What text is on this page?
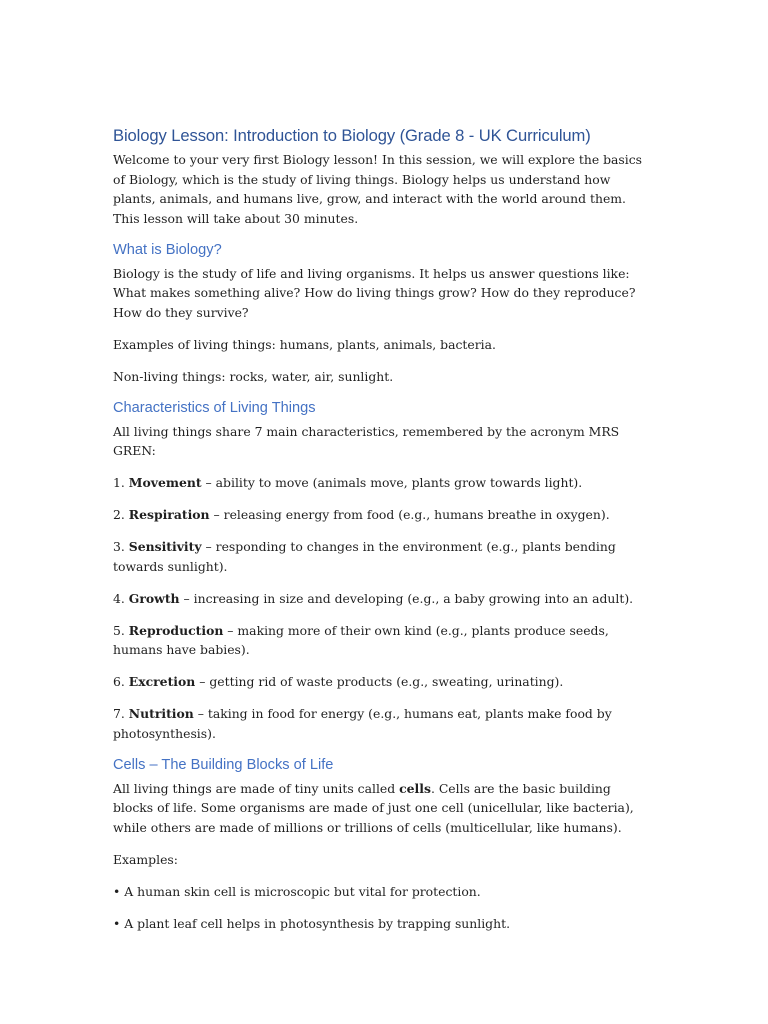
Biology Lesson: Introduction to Biology (Grade 8 - UK Curriculum)

Welcome to your very first Biology lesson! In this session, we will explore the basics of Biology, which is the study of living things. Biology helps us understand how plants, animals, and humans live, grow, and interact with the world around them. This lesson will take about 30 minutes.

What is Biology?

Biology is the study of life and living organisms. It helps us answer questions like: What makes something alive? How do living things grow? How do they reproduce? How do they survive?

Examples of living things: humans, plants, animals, bacteria.

Non-living things: rocks, water, air, sunlight.

Characteristics of Living Things

All living things share 7 main characteristics, remembered by the acronym MRS GREN:

1. Movement – ability to move (animals move, plants grow towards light).

2. Respiration – releasing energy from food (e.g., humans breathe in oxygen).

3. Sensitivity – responding to changes in the environment (e.g., plants bending towards sunlight).

4. Growth – increasing in size and developing (e.g., a baby growing into an adult).

5. Reproduction – making more of their own kind (e.g., plants produce seeds, humans have babies).

6. Excretion – getting rid of waste products (e.g., sweating, urinating).

7. Nutrition – taking in food for energy (e.g., humans eat, plants make food by photosynthesis).

Cells – The Building Blocks of Life

All living things are made of tiny units called cells. Cells are the basic building blocks of life. Some organisms are made of just one cell (unicellular, like bacteria), while others are made of millions or trillions of cells (multicellular, like humans).

Examples:

• A human skin cell is microscopic but vital for protection.

• A plant leaf cell helps in photosynthesis by trapping sunlight.
